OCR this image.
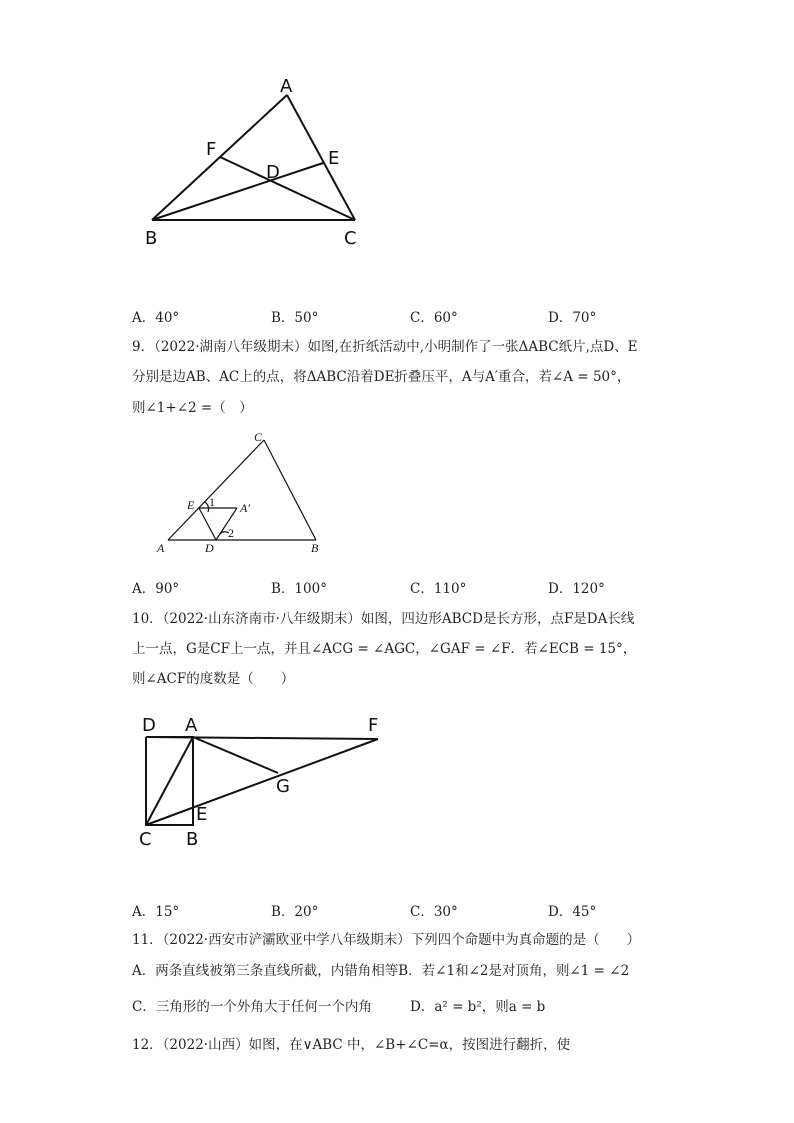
A
F
D
E
B	C
A．40°	B．50°	C．60°	D．70°
9．（2022·湖南八年级期末）如图,在折纸活动中,小明制作了一张ΔABC纸片,点D、E
分别是边AB、AC上的点，将ΔABC沿着DE折叠压平，A与A′重合，若∠A = 50°，
则∠1+∠2 =（　）
C
E 1 A′
2
A	D	B
A．90°	B．100°	C．110°	D．120°
10．（2022·山东济南市·八年级期末）如图，四边形ABCD是长方形，点F是DA长线
上一点，G是CF上一点，并且∠ACG = ∠AGC，∠GAF = ∠F．若∠ECB = 15°，
则∠ACF的度数是（　　）
D A	F
G
E
C B
A．15°	B．20°	C．30°	D．45°
11．（2022·西安市浐灞欧亚中学八年级期末）下列四个命题中为真命题的是（　　）
A．两条直线被第三条直线所截，内错角相等B．若∠1和∠2是对顶角，则∠1 = ∠2
C．三角形的一个外角大于任何一个内角	D．a² = b²，则a = b
12．（2022·山西）如图，在∨ABC 中，∠B+∠C=α，按图进行翻折，使
